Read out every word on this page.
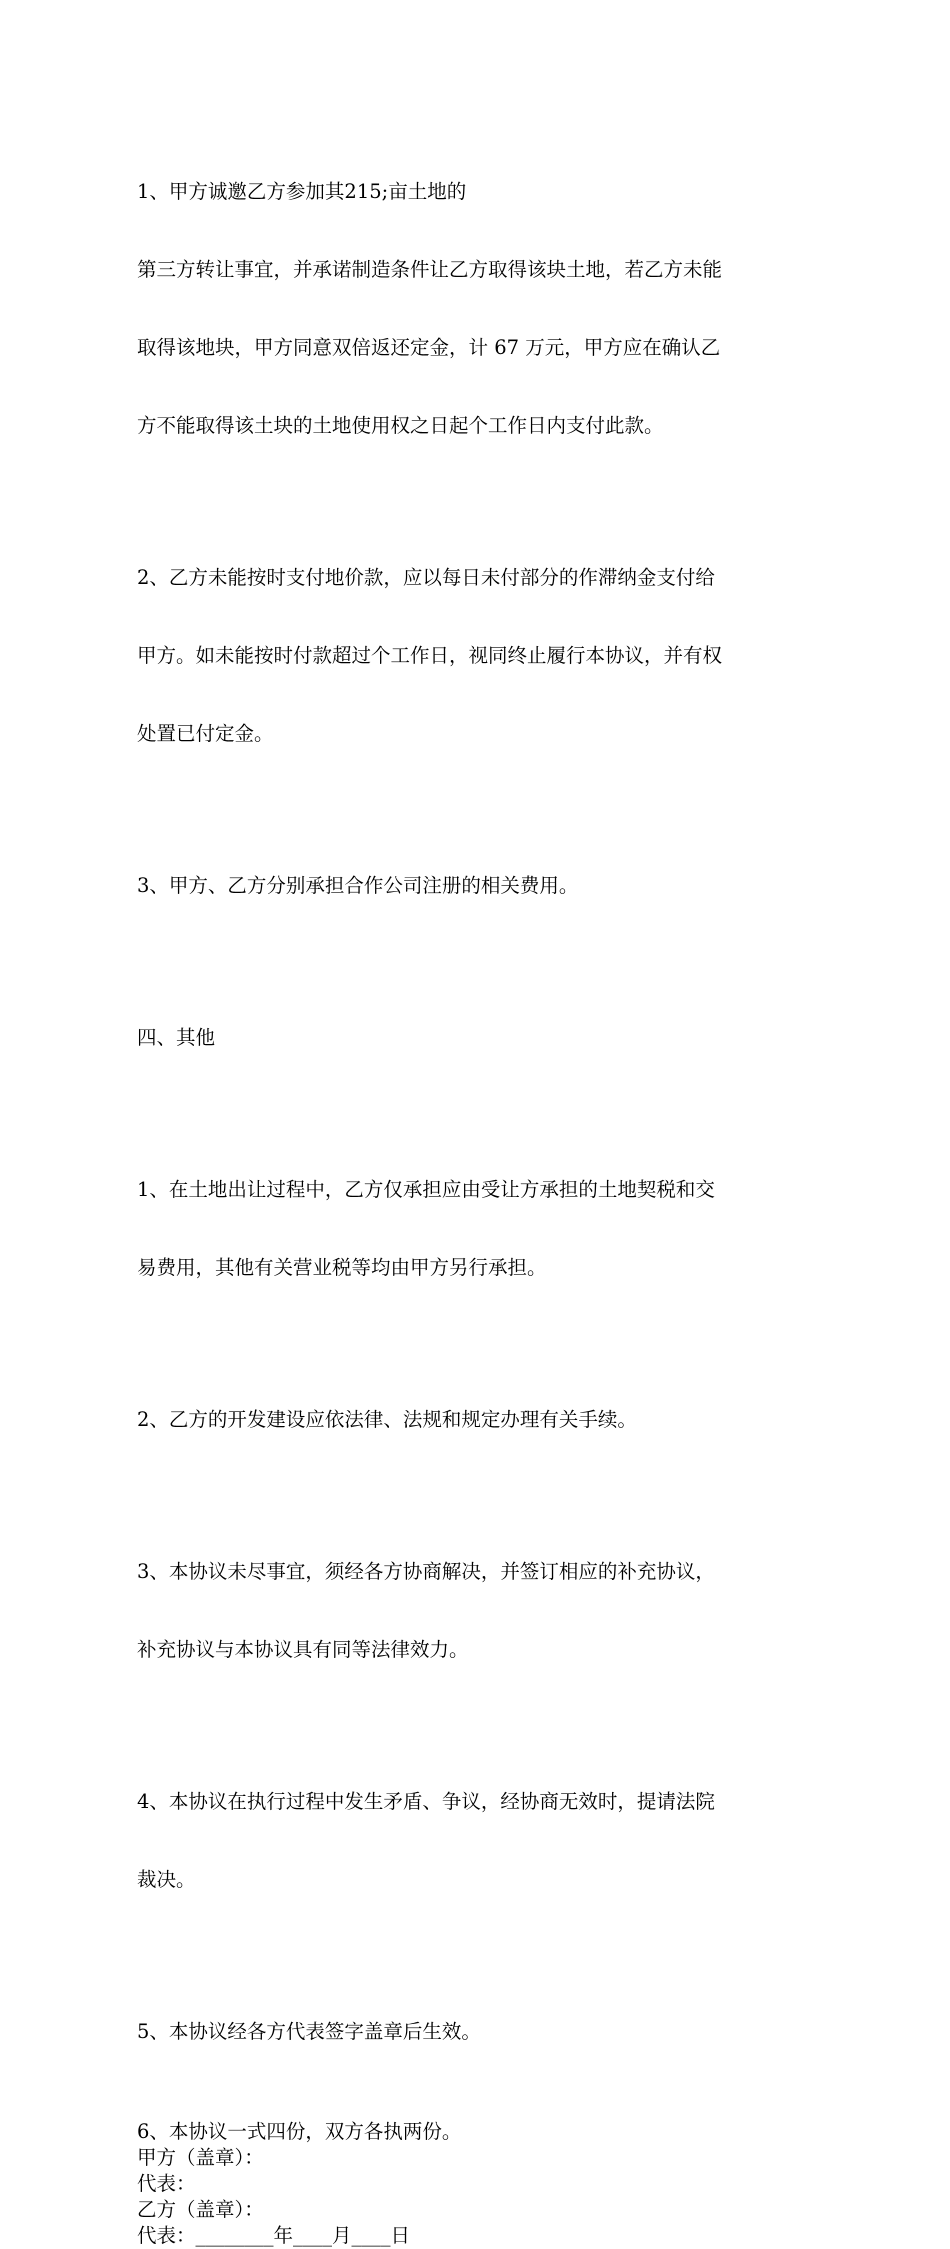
1、甲方诚邀乙方参加其215;亩土地的

第三方转让事宜，并承诺制造条件让乙方取得该块土地，若乙方未能

取得该地块，甲方同意双倍返还定金，计 67 万元，甲方应在确认乙

方不能取得该土块的土地使用权之日起个工作日内支付此款。

2、乙方未能按时支付地价款，应以每日未付部分的作滞纳金支付给

甲方。如未能按时付款超过个工作日，视同终止履行本协议，并有权

处置已付定金。

3、甲方、乙方分别承担合作公司注册的相关费用。

四、其他

1、在土地出让过程中，乙方仅承担应由受让方承担的土地契税和交

易费用，其他有关营业税等均由甲方另行承担。

2、乙方的开发建设应依法律、法规和规定办理有关手续。

3、本协议未尽事宜，须经各方协商解决，并签订相应的补充协议，

补充协议与本协议具有同等法律效力。

4、本协议在执行过程中发生矛盾、争议，经协商无效时，提请法院

裁决。

5、本协议经各方代表签字盖章后生效。

6、本协议一式四份，双方各执两份。
甲方（盖章）：
代表：
乙方（盖章）：
代表：________年____月____日
